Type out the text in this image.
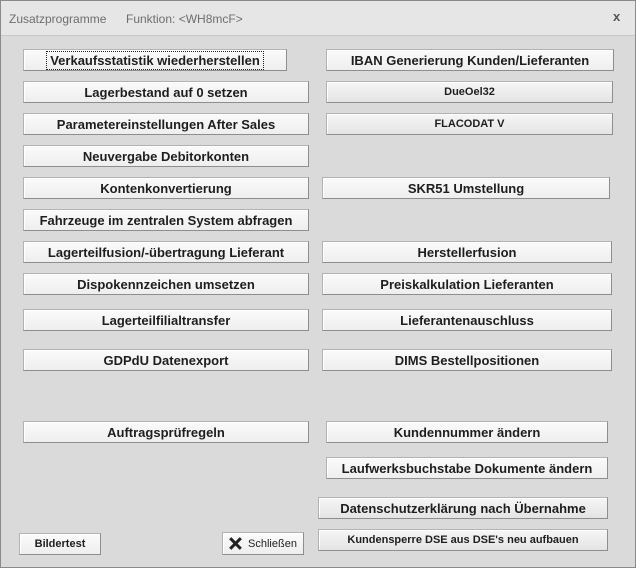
Zusatzprogramme Funktion: <WH8mcF>	x
Verkaufsstatistik wiederherstellen
Lagerbestand auf 0 setzen
Parametereinstellungen After Sales
Neuvergabe Debitorkonten
Kontenkonvertierung
Fahrzeuge im zentralen System abfragen
Lagerteilfusion/-übertragung Lieferant
Dispokennzeichen umsetzen
Lagerteilfilialtransfer
GDPdU Datenexport
Auftragsprüfregeln
IBAN Generierung Kunden/Lieferanten
DueOel32
FLACODAT V
SKR51 Umstellung
Herstellerfusion
Preiskalkulation Lieferanten
Lieferantenauschluss
DIMS Bestellpositionen
Kundennummer ändern
Laufwerksbuchstabe Dokumente ändern
Datenschutzerklärung nach Übernahme
Kundensperre DSE aus DSE's neu aufbauen
Bildertest	Schließen
